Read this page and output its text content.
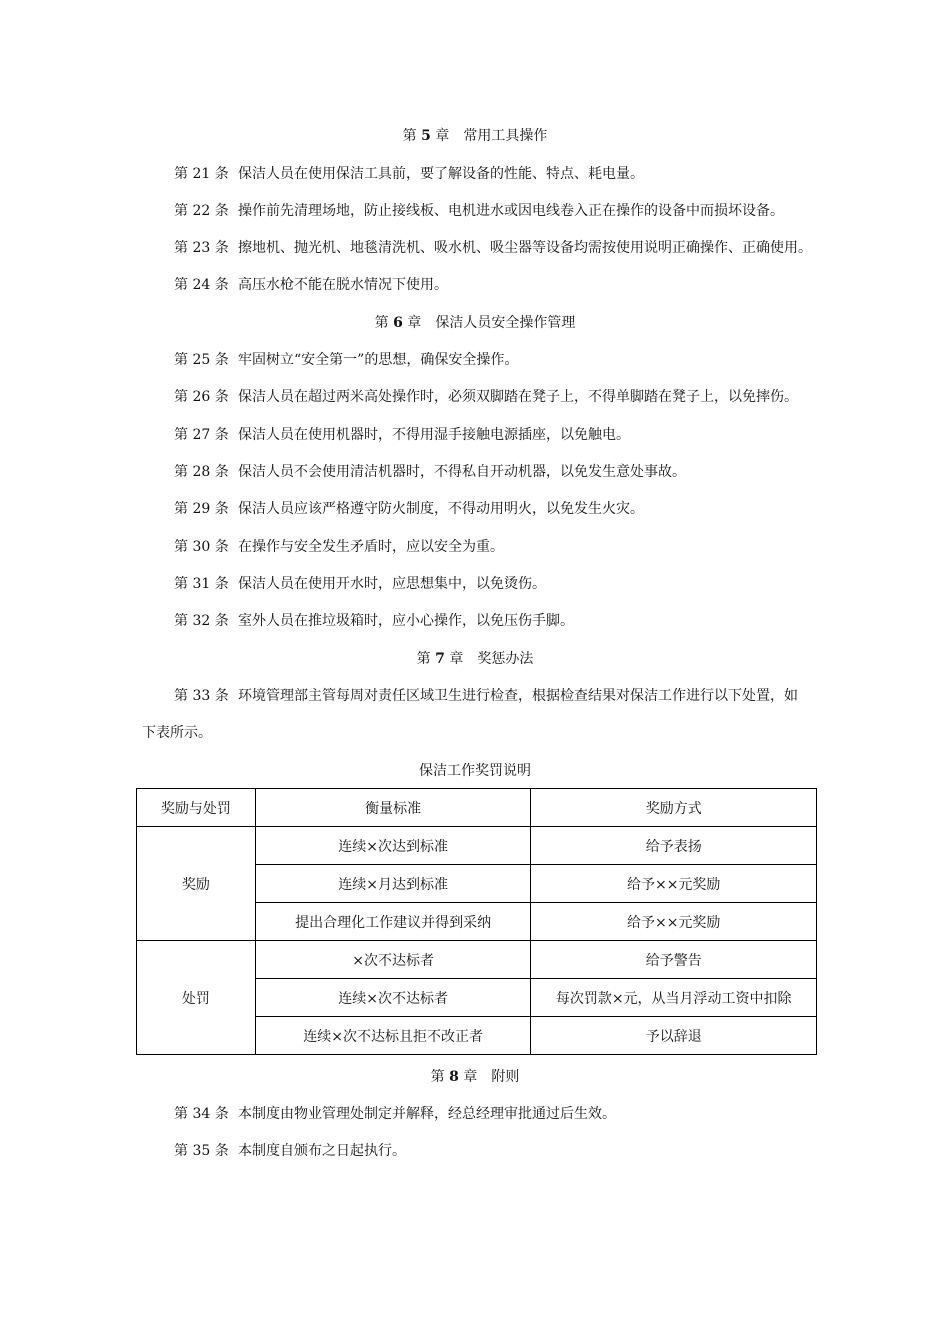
第 5 章 常用工具操作
第 21 条 保洁人员在使用保洁工具前，要了解设备的性能、特点、耗电量。
第 22 条 操作前先清理场地，防止接线板、电机进水或因电线卷入正在操作的设备中而损坏设备。
第 23 条 擦地机、抛光机、地毯清洗机、吸水机、吸尘器等设备均需按使用说明正确操作、正确使用。
第 24 条 高压水枪不能在脱水情况下使用。
第 6 章 保洁人员安全操作管理
第 25 条 牢固树立“安全第一”的思想，确保安全操作。
第 26 条 保洁人员在超过两米高处操作时，必须双脚踏在凳子上，不得单脚踏在凳子上，以免摔伤。
第 27 条 保洁人员在使用机器时，不得用湿手接触电源插座，以免触电。
第 28 条 保洁人员不会使用清洁机器时，不得私自开动机器，以免发生意处事故。
第 29 条 保洁人员应该严格遵守防火制度，不得动用明火，以免发生火灾。
第 30 条 在操作与安全发生矛盾时，应以安全为重。
第 31 条 保洁人员在使用开水时，应思想集中，以免烫伤。
第 32 条 室外人员在推垃圾箱时，应小心操作，以免压伤手脚。
第 7 章 奖惩办法
第 33 条 环境管理部主管每周对责任区域卫生进行检查，根据检查结果对保洁工作进行以下处置，如
下表所示。
保洁工作奖罚说明
奖励与处罚	衡量标准	奖励方式
奖励	连续×次达到标准	给予表扬
	连续×月达到标准	给予××元奖励
	提出合理化工作建议并得到采纳	给予××元奖励
处罚	×次不达标者	给予警告
	连续×次不达标者	每次罚款×元，从当月浮动工资中扣除
	连续×次不达标且拒不改正者	予以辞退
第 8 章 附则
第 34 条 本制度由物业管理处制定并解释，经总经理审批通过后生效。
第 35 条 本制度自颁布之日起执行。
